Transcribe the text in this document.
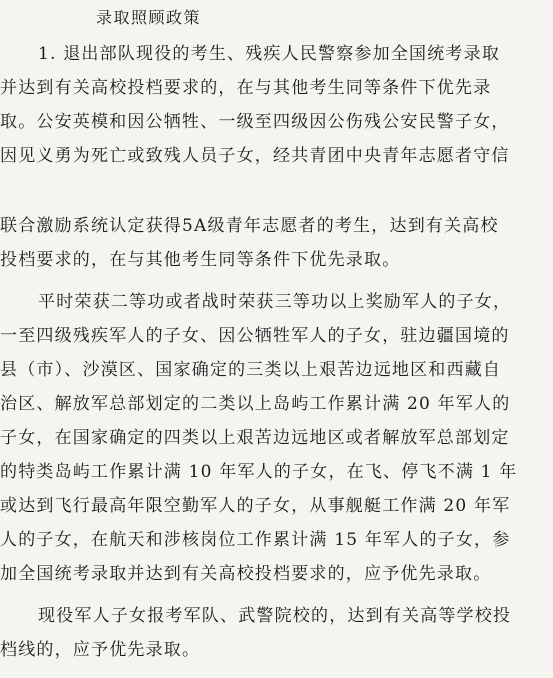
录取照顾政策
1. 退出部队现役的考生、残疾人民警察参加全国统考录取
并达到有关高校投档要求的，在与其他考生同等条件下优先录
取。公安英模和因公牺牲、一级至四级因公伤残公安民警子女，
因见义勇为死亡或致残人员子女，经共青团中央青年志愿者守信
联合激励系统认定获得5A级青年志愿者的考生，达到有关高校
投档要求的，在与其他考生同等条件下优先录取。
平时荣获二等功或者战时荣获三等功以上奖励军人的子女，
一至四级残疾军人的子女、因公牺牲军人的子女，驻边疆国境的
县（市）、沙漠区、国家确定的三类以上艰苦边远地区和西藏自
治区、解放军总部划定的二类以上岛屿工作累计满 20 年军人的
子女，在国家确定的四类以上艰苦边远地区或者解放军总部划定
的特类岛屿工作累计满 10 年军人的子女，在飞、停飞不满 1 年
或达到飞行最高年限空勤军人的子女，从事舰艇工作满 20 年军
人的子女，在航天和涉核岗位工作累计满 15 年军人的子女，参
加全国统考录取并达到有关高校投档要求的，应予优先录取。
现役军人子女报考军队、武警院校的，达到有关高等学校投
档线的，应予优先录取。
